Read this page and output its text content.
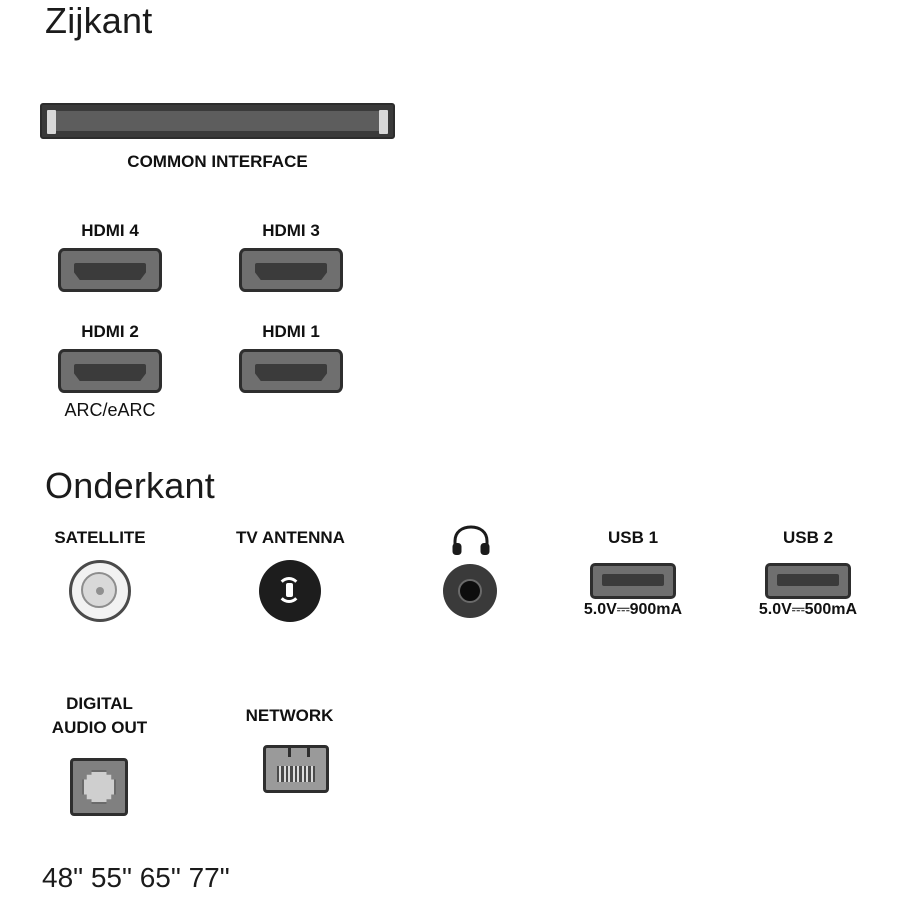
Zijkant
COMMON INTERFACE
HDMI 4	HDMI 3
HDMI 2
ARC/eARC
HDMI 1
Onderkant
SATELLITE	TV ANTENNA	USB 1
5.0V⎓900mA
USB 2
5.0V⎓500mA
DIGITAL
AUDIO OUT
NETWORK
48" 55" 65" 77"
